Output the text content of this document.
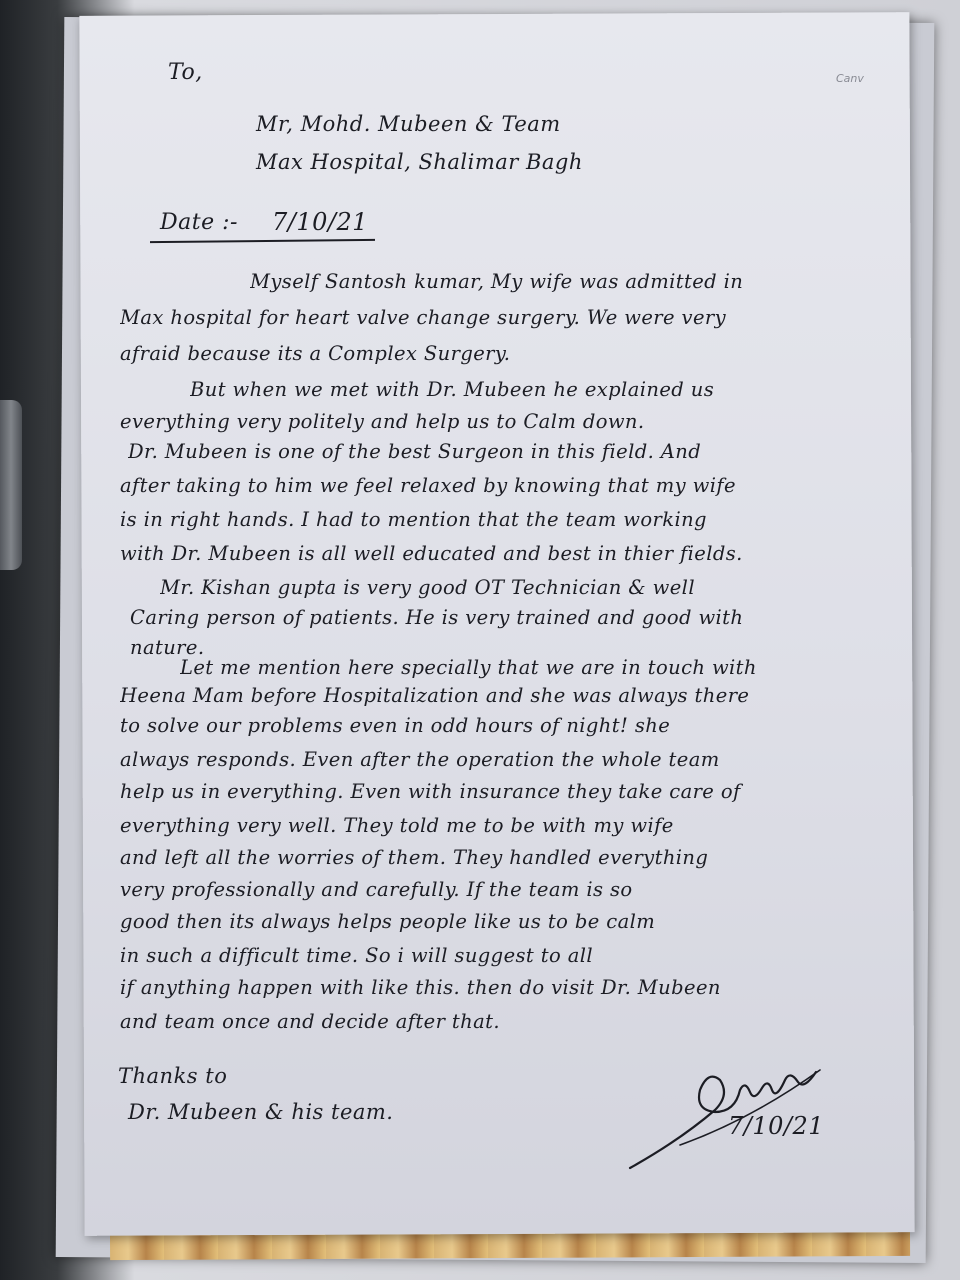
Canv
To,
Mr, Mohd. Mubeen & Team
Max Hospital, Shalimar Bagh
Date :- 7/10/21
Myself Santosh kumar, My wife was admitted in
Max hospital for heart valve change surgery. We were very
afraid because its a Complex Surgery.
But when we met with Dr. Mubeen he explained us
everything very politely and help us to Calm down.
Dr. Mubeen is one of the best Surgeon in this field. And
after taking to him we feel relaxed by knowing that my wife
is in right hands. I had to mention that the team working
with Dr. Mubeen is all well educated and best in thier fields.
Mr. Kishan gupta is very good OT Technician & well
Caring person of patients. He is very trained and good with
nature.
Let me mention here specially that we are in touch with
Heena Mam before Hospitalization and she was always there
to solve our problems even in odd hours of night! she
always responds. Even after the operation the whole team
help us in everything. Even with insurance they take care of
everything very well. They told me to be with my wife
and left all the worries of them. They handled everything
very professionally and carefully. If the team is so
good then its always helps people like us to be calm
in such a difficult time. So i will suggest to all
if anything happen with like this. then do visit Dr. Mubeen
and team once and decide after that.
Thanks to
Dr. Mubeen & his team.	7/10/21
